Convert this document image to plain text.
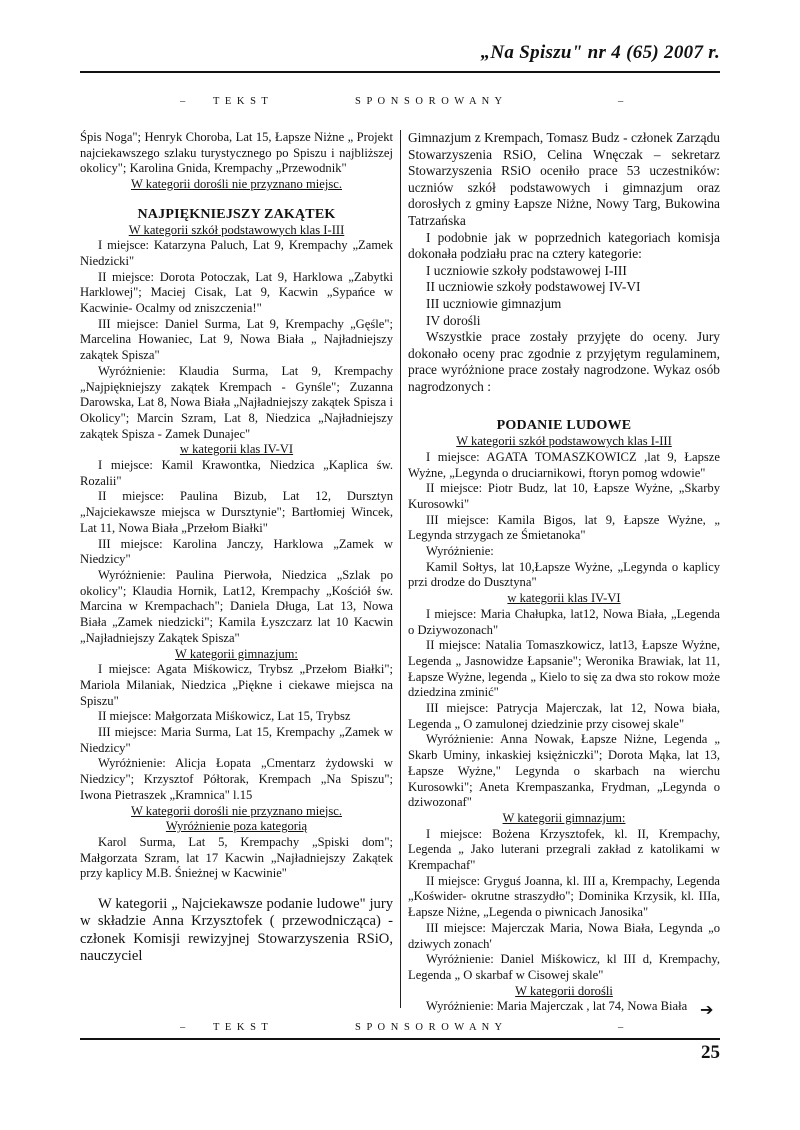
„Na Spiszu" nr 4 (65) 2007 r.
–	T E K S T	S P O N S O R O W A N Y	–

Śpis Noga"; Henryk Choroba, Lat 15, Łapsze Niżne „ Projekt najciekawszego szlaku turystycznego po Spiszu i najbliższej okolicy"; Karolina Gnida, Krempachy „Przewodnik"

W kategorii dorośli nie przyznano miejsc.

NAJPIĘKNIEJSZY ZAKĄTEK

W kategorii szkół podstawowych klas I-III

I miejsce: Katarzyna Paluch, Lat 9, Krempachy „Zamek Niedzicki"

II miejsce: Dorota Potoczak, Lat 9, Harklowa „Zabytki Harklowej"; Maciej Cisak, Lat 9, Kacwin „Sypańce w Kacwinie- Ocalmy od zniszczenia!"

III miejsce: Daniel Surma, Lat 9, Krempachy „Gęśle"; Marcelina Howaniec, Lat 9, Nowa Biała „ Najładniejszy zakątek Spisza"

Wyróżnienie: Klaudia Surma, Lat 9, Krempachy „Najpiękniejszy zakątek Krempach - Gynśle"; Zuzanna Darowska, Lat 8, Nowa Biała „Najładniejszy zakątek Spisza i Okolicy"; Marcin Szram, Lat 8, Niedzica „Najładniejszy zakątek Spisza - Zamek Dunajec"

w kategorii klas IV-VI

I miejsce: Kamil Krawontka, Niedzica „Kaplica św. Rozalii"

II miejsce: Paulina Bizub, Lat 12, Dursztyn „Najciekawsze miejsca w Dursztynie"; Bartłomiej Wincek, Lat 11, Nowa Biała „Przełom Białki"

III miejsce: Karolina Janczy, Harklowa „Zamek w Niedzicy"

Wyróżnienie: Paulina Pierwoła, Niedzica „Szlak po okolicy"; Klaudia Hornik, Lat12, Krempachy „Kościół św. Marcina w Krempachach"; Daniela Długa, Lat 13, Nowa Biała „Zamek niedzicki"; Kamila Łyszczarz lat 10 Kacwin „Najładniejszy Zakątek Spisza"

W kategorii gimnazjum:

I miejsce: Agata Miśkowicz, Trybsz „Przełom Białki"; Mariola Milaniak, Niedzica „Piękne i ciekawe miejsca na Spiszu"

II miejsce: Małgorzata Miśkowicz, Lat 15, Trybsz

III miejsce: Maria Surma, Lat 15, Krempachy „Zamek w Niedzicy"

Wyróżnienie: Alicja Łopata „Cmentarz żydowski w Niedzicy"; Krzysztof Półtorak, Krempach „Na Spiszu"; Iwona Pietraszek „Kramnica" l.15

W kategorii dorośli nie przyznano miejsc.

Wyróżnienie poza kategorią

Karol Surma, Lat 5, Krempachy „Spiski dom"; Małgorzata Szram, lat 17 Kacwin „Najładniejszy Zakątek przy kaplicy M.B. Śnieżnej w Kacwinie"

W kategorii „ Najciekawsze podanie ludowe" jury w składzie Anna Krzysztofek ( przewodnicząca) - członek Komisji rewizyjnej Stowarzyszenia RSiO, nauczyciel

Gimnazjum z Krempach, Tomasz Budz - członek Zarządu Stowarzyszenia RSiO, Celina Wnęczak – sekretarz Stowarzyszenia RSiO oceniło prace 53 uczestników: uczniów szkół podstawowych i gimnazjum oraz dorosłych z gminy Łapsze Niżne, Nowy Targ, Bukowina Tatrzańska

I podobnie jak w poprzednich kategoriach komisja dokonała podziału prac na cztery kategorie:

I uczniowie szkoły podstawowej I-III

II uczniowie szkoły podstawowej IV-VI

III uczniowie gimnazjum

IV dorośli

Wszystkie prace zostały przyjęte do oceny. Jury dokonało oceny prac zgodnie z przyjętym regulaminem, prace wyróżnione prace zostały nagrodzone. Wykaz osób nagrodzonych :

PODANIE LUDOWE

W kategorii szkół podstawowych klas I-III

I miejsce: AGATA TOMASZKOWICZ ,lat 9, Łapsze Wyżne, „Legynda o druciarnikowi, ftoryn pomog wdowie"

II miejsce: Piotr Budz, lat 10, Łapsze Wyżne, „Skarby Kurosowki"

III miejsce: Kamila Bigos, lat 9, Łapsze Wyżne, „ Legynda strzygach ze Śmietanoka"

Wyróżnienie:

Kamil Sołtys, lat 10,Łapsze Wyżne, „Legynda o kaplicy przi drodze do Dusztyna"

w kategorii klas IV-VI

I miejsce: Maria Chałupka, lat12, Nowa Biała, „Legenda o Dziywozonach"

II miejsce: Natalia Tomaszkowicz, lat13, Łapsze Wyżne, Legenda „ Jasnowidze Łapsanie"; Weronika Brawiak, lat 11, Łapsze Wyżne, legenda „ Kielo to się za dwa sto rokow może dziedzina zminić"

III miejsce: Patrycja Majerczak, lat 12, Nowa biała, Legenda „ O zamulonej dziedzinie przy cisowej skale"

Wyróżnienie: Anna Nowak, Łapsze Niżne, Legenda „ Skarb Uminy, inkaskiej księżniczki"; Dorota Mąka, lat 13, Łapsze Wyżne," Legynda o skarbach na wierchu Kurosowki"; Aneta Krempaszanka, Frydman, „Legynda o dziwozonaf"

W kategorii gimnazjum:

I miejsce: Bożena Krzysztofek, kl. II, Krempachy, Legenda „ Jako luterani przegrali zakład z katolikami w Krempachaf"

II miejsce: Gryguś Joanna, kl. III a, Krempachy, Legenda „Koświder- okrutne straszydło"; Dominika Krzysik, kl. IIIa, Łapsze Niżne, „Legenda o piwnicach Janosika"

III miejsce: Majerczak Maria, Nowa Biała, Legynda „o dziwych zonach'

Wyróżnienie: Daniel Miśkowicz, kl III d, Krempachy, Legenda „ O skarbaf w Cisowej skale"

W kategorii dorośli

Wyróżnienie: Maria Majerczak , lat 74, Nowa Biała ➔
–	T E K S T	S P O N S O R O W A N Y	–
25
